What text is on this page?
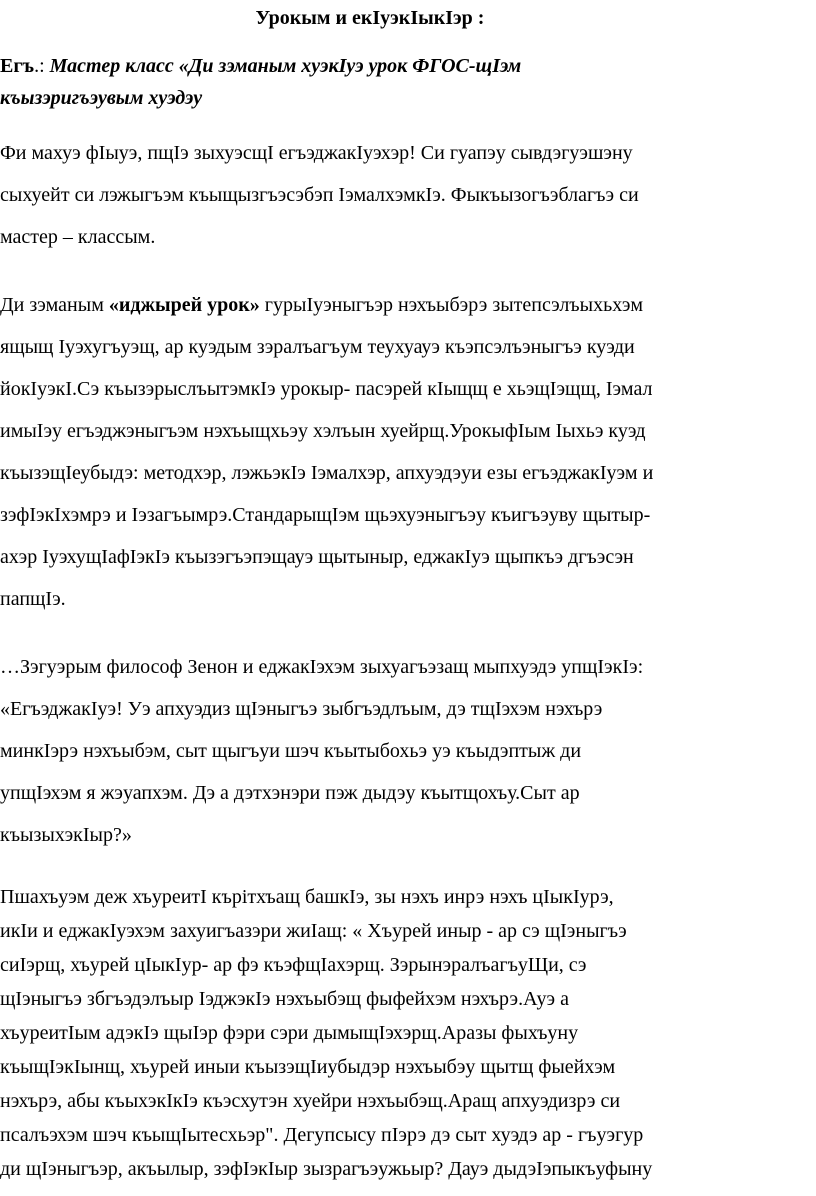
Урокым и екIуэкIыкIэр :
Егъ.: Мастер класс «Ди зэманым хуэкIуэ урок ФГОС-щIэм
къызэригъэувым хуэдэу
Фи махуэ фIыуэ, пщIэ зыхуэсщI егъэджакIуэхэр! Си гуапэу сывдэгуэшэну
сыхуейт си лэжыгъэм къыщызгъэсэбэп IэмалхэмкIэ. Фыкъызогъэблагъэ си
мастер – классым.
Ди зэманым «иджырей урок» гурыIуэныгъэр нэхъыбэрэ зытепсэлъыхьхэм
ящыщ Iуэхугъуэщ, ар куэдым зэралъагъум теухуауэ къэпсэлъэныгъэ куэди
йокIуэкI.Сэ къызэрыслъытэмкIэ урокыр- пасэрей кIыщщ е хьэщIэщщ, Iэмал
имыIэу егъэджэныгъэм нэхъыщхьэу хэлъын хуейрщ.УрокыфIым Iыхьэ куэд
къызэщIеубыдэ: методхэр, лэжьэкIэ Iэмалхэр, апхуэдэуи езы егъэджакIуэм и
зэфIэкIхэмрэ и Iэзагъымрэ.СтандарыщIэм щьэхуэныгъэу къигъэуву щытыр-
ахэр IуэхущIафIэкIэ къызэгъэпэщауэ щытыныр, еджакIуэ щыпкъэ дгъэсэн
папщIэ.
…Зэгуэрым философ Зенон и еджакIэхэм зыхуагъэзащ мыпхуэдэ упщIэкIэ:
«ЕгъэджакIуэ! Уэ апхуэдиз щIэныгъэ зыбгъэдлъым, дэ тщIэхэм нэхърэ
минкIэрэ нэхъыбэм, сыт щыгъуи шэч къытыбохьэ уэ къыдэптыж ди
упщIэхэм я жэуапхэм. Дэ а дэтхэнэри пэж дыдэу къытщохъу.Сыт ар
къызыхэкIыр?»
Пшахъуэм деж хъуреитI кърітхъащ башкIэ, зы нэхъ инрэ нэхъ цIыкIурэ,
икIи и еджакIуэхэм захуигъазэри жиIащ: « Хъурей иныр - ар сэ щIэныгъэ
сиIэрщ, хъурей цIыкIур- ар фэ къэфщIахэрщ. ЗэрынэралъагъуЩи, сэ
щIэныгъэ збгъэдэлъыр IэджэкIэ нэхъыбэщ фыфейхэм нэхърэ.Ауэ а
хъуреитIым адэкIэ щыIэр фэри сэри дымыщIэхэрщ.Аразы фыхъуну
къыщIэкIынщ, хъурей иныи къызэщIиубыдэр нэхъыбэу щытщ фыейхэм
нэхърэ, абы къыхэкIкIэ къэсхутэн хуейри нэхъыбэщ.Аращ апхуэдизрэ си
псалъэхэм шэч къыщIытесхьэр". Дегупсысу пIэрэ дэ сыт хуэдэ ар - гъуэгур
ди щIэныгъэр, акъылыр, зэфIэкIыр зызрагъэужьыр? Дауэ дыдэIэпыкъуфыну
